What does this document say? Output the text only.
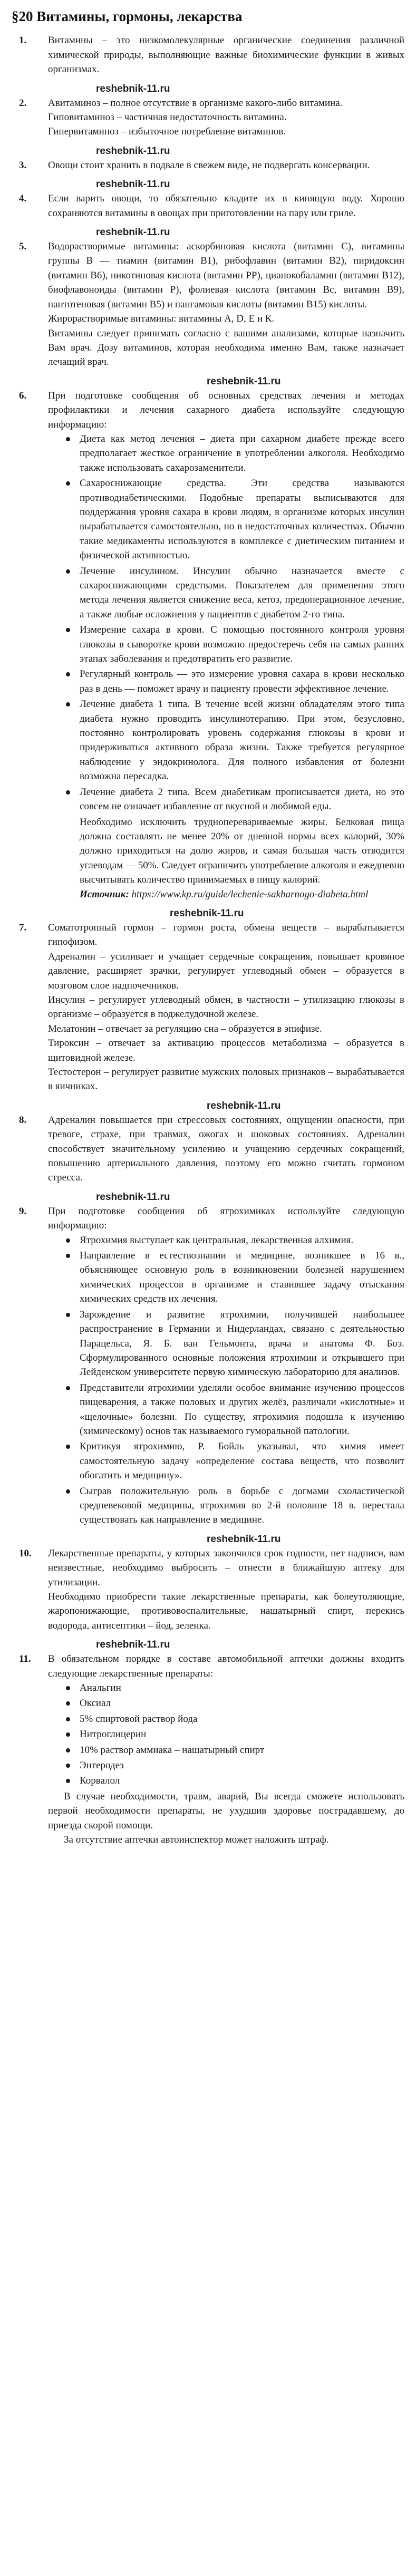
§20 Витамины, гормоны, лекарства
1. Витамины – это низкомолекулярные органические соединения различной химической природы, выполняющие важные биохимические функции в живых организмах.

reshebnik-11.ru
2. Авитаминоз – полное отсутствие в организме какого-либо витамина.

Гиповитаминоз – частичная недостаточность витамина.

Гипервитаминоз – избыточное потребление витаминов.

reshebnik-11.ru
3. Овощи стоит хранить в подвале в свежем виде, не подвергать консервации.

reshebnik-11.ru
4. Если варить овощи, то обязательно кладите их в кипящую воду. Хорошо сохраняются витамины в овощах при приготовлении на пару или гриле.

reshebnik-11.ru
5. Водорастворимые витамины: аскорбиновая кислота (витамин С), витамины группы В — тиамин (витамин В1), рибофлавин (витамин В2), пиридоксин (витамин В6), никотиновая кислота (витамин РР), цианокобаламин (витамин В12), биофлавоноиды (витамин Р), фолиевая кислота (витамин Вс, витамин В9), пантотеновая (витамин В5) и пангамовая кислоты (витамин В15) кислоты.

Жирорастворимые витамины: витамины А, D, Е и К.

Витамины следует принимать согласно с вашими анализами, которые назначить Вам врач. Дозу витаминов, которая необходима именно Вам, также назначает лечащий врач.

reshebnik-11.ru
6. При подготовке сообщения об основных средствах лечения и методах профилактики и лечения сахарного диабета используйте следующую информацию:

Диета как метод лечения – диета при сахарном диабете прежде всего предполагает жесткое ограничение в употреблении алкоголя. Необходимо также использовать сахарозаменители.
Сахароснижающие средства. Эти средства называются противодиабетическими. Подобные препараты выписываются для поддержания уровня сахара в крови людям, в организме которых инсулин вырабатывается самостоятельно, но в недостаточных количествах. Обычно такие медикаменты используются в комплексе с диетическим питанием и физической активностью.
Лечение инсулином. Инсулин обычно назначается вместе с сахароснижающими средствами. Показателем для применения этого метода лечения является снижение веса, кетоз, предоперационное лечение, а также любые осложнения у пациентов с диабетом 2-го типа.
Измерение сахара в крови. С помощью постоянного контроля уровня глюкозы в сыворотке крови возможно предостеречь себя на самых ранних этапах заболевания и предотвратить его развитие.
Регулярный контроль — это измерение уровня сахара в крови несколько раз в день — поможет врачу и пациенту провести эффективное лечение.
Лечение диабета 1 типа. В течение всей жизни обладателям этого типа диабета нужно проводить инсулинотерапию. При этом, безусловно, постоянно контролировать уровень содержания глюкозы в крови и придерживаться активного образа жизни. Также требуется регулярное наблюдение у эндокринолога. Для полного избавления от болезни возможна пересадка.
Лечение диабета 2 типа. Всем диабетикам прописывается диета, но это совсем не означает избавление от вкусной и любимой еды.

Необходимо исключить трудноперевариваемые жиры. Белковая пища должна составлять не менее 20% от дневной нормы всех калорий, 30% должно приходиться на долю жиров, и самая большая часть отводится углеводам — 50%. Следует ограничить употребление алкоголя и ежедневно высчитывать количество принимаемых в пищу калорий.

Источник: https://www.kp.ru/guide/lechenie-sakharnogo-diabeta.html

reshebnik-11.ru
7. Соматотропный гормон – гормон роста, обмена веществ – вырабатывается гипофизом.

Адреналин – усиливает и учащает сердечные сокращения, повышает кровяное давление, расширяет зрачки, регулирует углеводный обмен – образуется в мозговом слое надпочечников.

Инсулин – регулирует углеводный обмен, в частности – утилизацию глюкозы в организме – образуется в поджелудочной железе.

Мелатонин – отвечает за регуляцию сна – образуется в эпифизе.

Тироксин – отвечает за активацию процессов метаболизма – образуется в щитовидной железе.

Тестостерон – регулирует развитие мужских половых признаков – вырабатывается в яичниках.

reshebnik-11.ru
8. Адреналин повышается при стрессовых состояниях, ощущении опасности, при тревоге, страхе, при травмах, ожогах и шоковых состояниях. Адреналин способствует значительному усилению и учащению сердечных сокращений, повышению артериального давления, поэтому его можно считать гормоном стресса.

reshebnik-11.ru
9. При подготовке сообщения об ятрохимиках используйте следующую информацию:

Ятрохимия выступает как центральная, лекарственная алхимия.
Направление в естествознании и медицине, возникшее в 16 в., объясняющее основную роль в возникновении болезней нарушением химических процессов в организме и ставившее задачу отыскания химических средств их лечения.
Зарождение и развитие ятрохимии, получившей наибольшее распространение в Германии и Нидерландах, связано с деятельностью Парацельса, Я. Б. ван Гельмонта, врача и анатома Ф. Боэ. Сформулированного основные положения ятрохимии и открывшего при Лейденском университете первую химическую лабораторию для анализов.
Представители ятрохимии уделяли особое внимание изучению процессов пищеварения, а также половых и других желёз, различали «кислотные» и «щелочные» болезни. По существу, ятрохимия подошла к изучению (химическому) основ так называемого гуморальной патологии.
Критикуя ятрохимию, Р. Бойль указывал, что химия имеет самостоятельную задачу «определение состава веществ, что позволит обогатить и медицину».
Сыграв положительную роль в борьбе с догмами схоластической средневековой медицины, ятрохимия во 2-й половине 18 в. перестала существовать как направление в медицине.
reshebnik-11.ru
10. Лекарственные препараты, у которых закончился срок годности, нет надписи, вам неизвестные, необходимо выбросить – отнести в ближайшую аптеку для утилизации.

Необходимо приобрести такие лекарственные препараты, как болеутоляющие, жаропонижающие, противовоспалительные, нашатырный спирт, перекись водорода, антисептики – йод, зеленка.

reshebnik-11.ru
11. В обязательном порядке в составе автомобильной аптечки должны входить следующие лекарственные препараты:

Анальгин
Оксиал
5% спиртовой раствор йода
Нитроглицерин
10% раствор аммиака – нашатырный спирт
Энтеродез
Корвалол

В случае необходимости, травм, аварий, Вы всегда сможете использовать первой необходимости препараты, не ухудшив здоровье пострадавшему, до приезда скорой помощи.

За отсутствие аптечки автоинспектор может наложить штраф.
